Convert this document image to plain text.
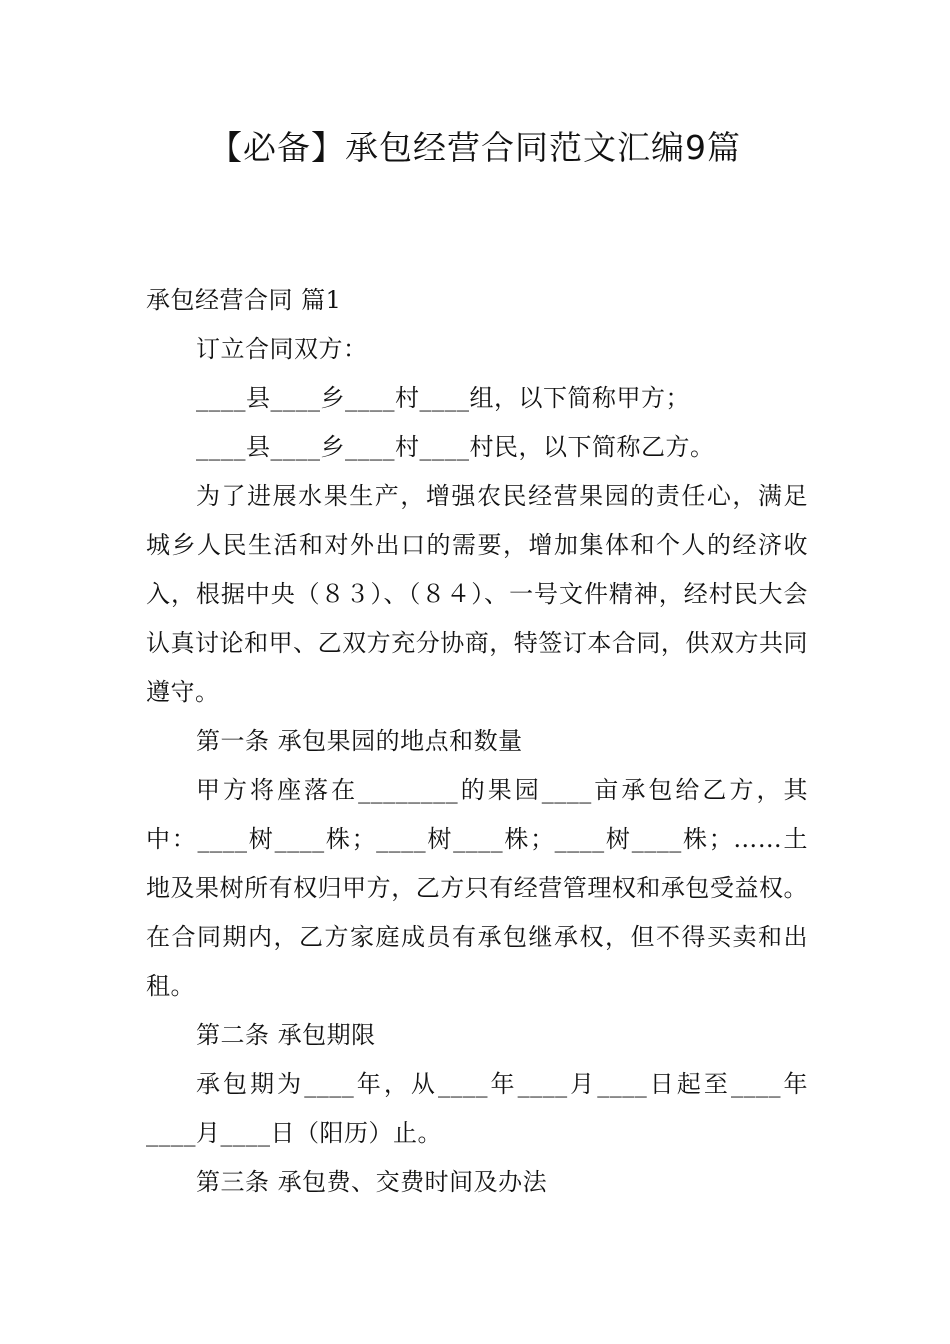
【必备】承包经营合同范文汇编9篇

承包经营合同 篇1

订立合同双方：

____县____乡____村____组，以下简称甲方；

____县____乡____村____村民，以下简称乙方。

为了进展水果生产，增强农民经营果园的责任心，满足城乡人民生活和对外出口的需要，增加集体和个人的经济收入，根据中央（８３）、（８４）、一号文件精神，经村民大会认真讨论和甲、乙双方充分协商，特签订本合同，供双方共同遵守。

第一条 承包果园的地点和数量

甲方将座落在________的果园____亩承包给乙方，其中：____树____株；____树____株；____树____株；……土地及果树所有权归甲方，乙方只有经营管理权和承包受益权。在合同期内，乙方家庭成员有承包继承权，但不得买卖和出租。

第二条 承包期限

承包期为____年，从____年____月____日起至____年____月____日（阳历）止。

第三条 承包费、交费时间及办法
